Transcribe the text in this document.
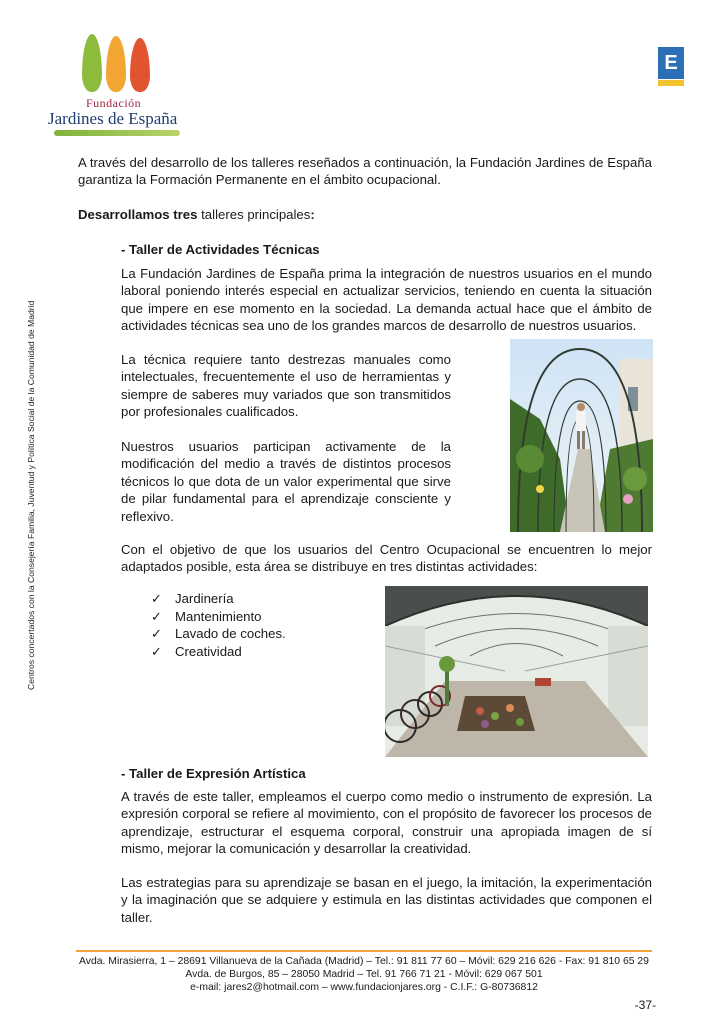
Fundación
Jardines de España
E
Centros concertados con la Consejería Familia, Juventud y Política Social de la Comunidad de Madrid

A través del desarrollo de los talleres reseñados a continuación, la Fundación Jardines de España garantiza la Formación Permanente en el ámbito ocupacional.

Desarrollamos tres talleres principales:

- Taller de Actividades Técnicas

La Fundación Jardines de España prima la integración de nuestros usuarios en el mundo laboral poniendo interés especial en actualizar servicios, teniendo en cuenta la situación que impere en ese momento en la sociedad. La demanda actual hace que el ámbito de actividades técnicas sea uno de los grandes marcos de desarrollo de nuestros usuarios.

La técnica requiere tanto destrezas manuales como intelectuales, frecuentemente el uso de herramientas y siempre de saberes muy variados que son transmitidos por profesionales cualificados.

Nuestros usuarios participan activamente de la modificación del medio a través de distintos procesos técnicos lo que dota de un valor experimental que sirve de pilar fundamental para el aprendizaje consciente y reflexivo.

Con el objetivo de que los usuarios del Centro Ocupacional se encuentren lo mejor adaptados posible, esta área se distribuye en tres distintas actividades:

✓ Jardinería
✓ Mantenimiento
✓ Lavado de coches.
✓ Creatividad

- Taller de Expresión Artística

A través de este taller, empleamos el cuerpo como medio o instrumento de expresión. La expresión corporal se refiere al movimiento, con el propósito de favorecer los procesos de aprendizaje, estructurar el esquema corporal, construir una apropiada imagen de sí mismo, mejorar la comunicación y desarrollar la creatividad.

Las estrategias para su aprendizaje se basan en el juego, la imitación, la experimentación y la imaginación que se adquiere y estimula en las distintas actividades que componen el taller.

Avda. Mirasierra, 1 – 28691 Villanueva de la Cañada (Madrid) – Tel.: 91 811 77 60 – Móvil: 629 216 626 - Fax: 91 810 65 29
Avda. de Burgos, 85 – 28050 Madrid – Tel. 91 766 71 21 - Móvil: 629 067 501
e-mail: jares2@hotmail.com – www.fundacionjares.org - C.I.F.: G-80736812
-37-
